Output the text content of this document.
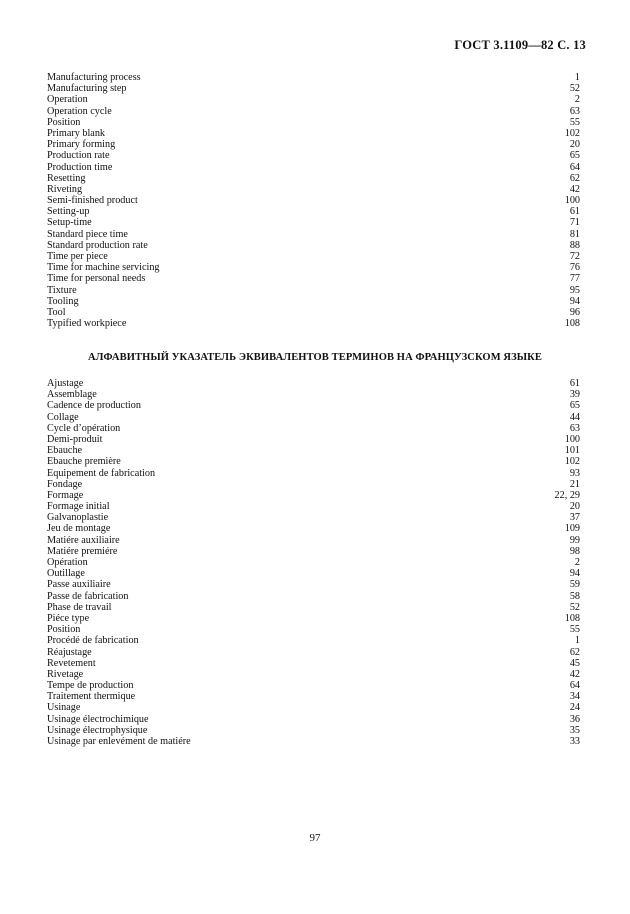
ГОСТ 3.1109—82 С. 13
Manufacturing process	1
Manufacturing step	52
Operation	2
Operation cycle	63
Position	55
Primary blank	102
Primary forming	20
Production rate	65
Production time	64
Resetting	62
Riveting	42
Semi-finished product	100
Setting-up	61
Setup-time	71
Standard piece time	81
Standard production rate	88
Time per piece	72
Time for machine servicing	76
Time for personal needs	77
Tixture	95
Tooling	94
Tool	96
Typified workpiece	108
АЛФАВИТНЫЙ УКАЗАТЕЛЬ ЭКВИВАЛЕНТОВ ТЕРМИНОВ НА ФРАНЦУЗСКОМ ЯЗЫКЕ
Ajustage	61
Assemblage	39
Cadence de production	65
Collage	44
Cycle d’opération	63
Demi-produit	100
Ebauche	101
Ebauche première	102
Equipement de fabrication	93
Fondage	21
Formage	22, 29
Formage initial	20
Galvanoplastie	37
Jeu de montage	109
Matiére auxiliaire	99
Matiére premiére	98
Opération	2
Outillage	94
Passe auxiliaire	59
Passe de fabrication	58
Phase de travail	52
Piéce type	108
Position	55
Procédé de fabrication	1
Réajustage	62
Revetement	45
Rivetage	42
Tempe de production	64
Traitement thermique	34
Usinage	24
Usinage électrochimique	36
Usinage électrophysique	35
Usinage par enlevément de matiére	33
97
